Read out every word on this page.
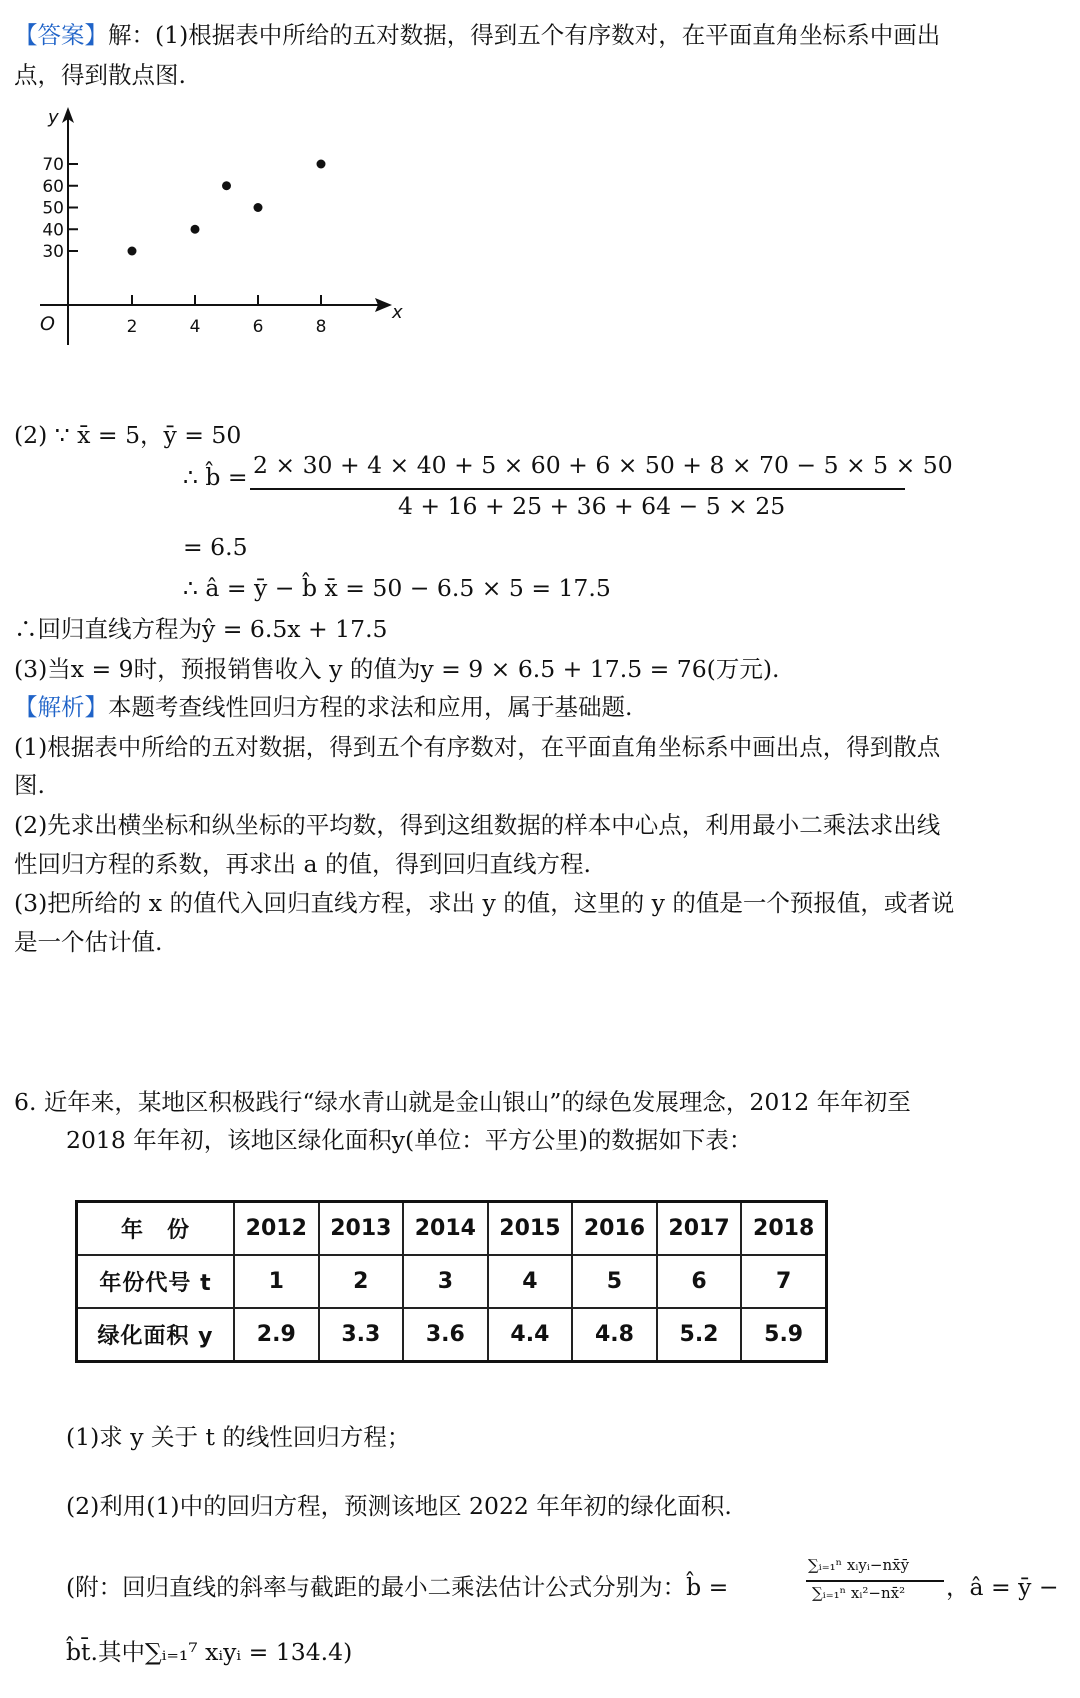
【答案】解：(1)根据表中所给的五对数据，得到五个有序数对，在平面直角坐标系中画出
点，得到散点图.
x
y
O	2	4	6	8
30
40
50
60
70
(2) ∵ x̄ = 5，ȳ = 50
∴ b̂ = 2 × 30 + 4 × 40 + 5 × 60 + 6 × 50 + 8 × 70 − 5 × 5 × 50
4 + 16 + 25 + 36 + 64 − 5 × 25
= 6.5
∴ â = ȳ − b̂ x̄ = 50 − 6.5 × 5 = 17.5
∴回归直线方程为ŷ = 6.5x + 17.5
(3)当x = 9时，预报销售收入 y 的值为y = 9 × 6.5 + 17.5 = 76(万元).
【解析】本题考查线性回归方程的求法和应用，属于基础题.
(1)根据表中所给的五对数据，得到五个有序数对，在平面直角坐标系中画出点，得到散点
图.
(2)先求出横坐标和纵坐标的平均数，得到这组数据的样本中心点，利用最小二乘法求出线
性回归方程的系数，再求出 a 的值，得到回归直线方程.
(3)把所给的 x 的值代入回归直线方程，求出 y 的值，这里的 y 的值是一个预报值，或者说
是一个估计值.
6. 近年来，某地区积极践行“绿水青山就是金山银山”的绿色发展理念，2012 年年初至
2018 年年初，该地区绿化面积y(单位：平方公里)的数据如下表：
年　份	2012	2013	2014	2015	2016	2017	2018
年份代号 t	1	2	3	4	5	6	7
绿化面积 y	2.9	3.3	3.6	4.4	4.8	5.2	5.9
(1)求 y 关于 t 的线性回归方程；
(2)利用(1)中的回归方程，预测该地区 2022 年年初的绿化面积.
(附：回归直线的斜率与截距的最小二乘法估计公式分别为：b̂ =
∑ᵢ₌₁ⁿ xᵢyᵢ−nx̄ȳ
∑ᵢ₌₁ⁿ xᵢ²−nx̄² ，â = ȳ −
b̂t̄.其中∑ᵢ₌₁⁷ xᵢyᵢ = 134.4)
